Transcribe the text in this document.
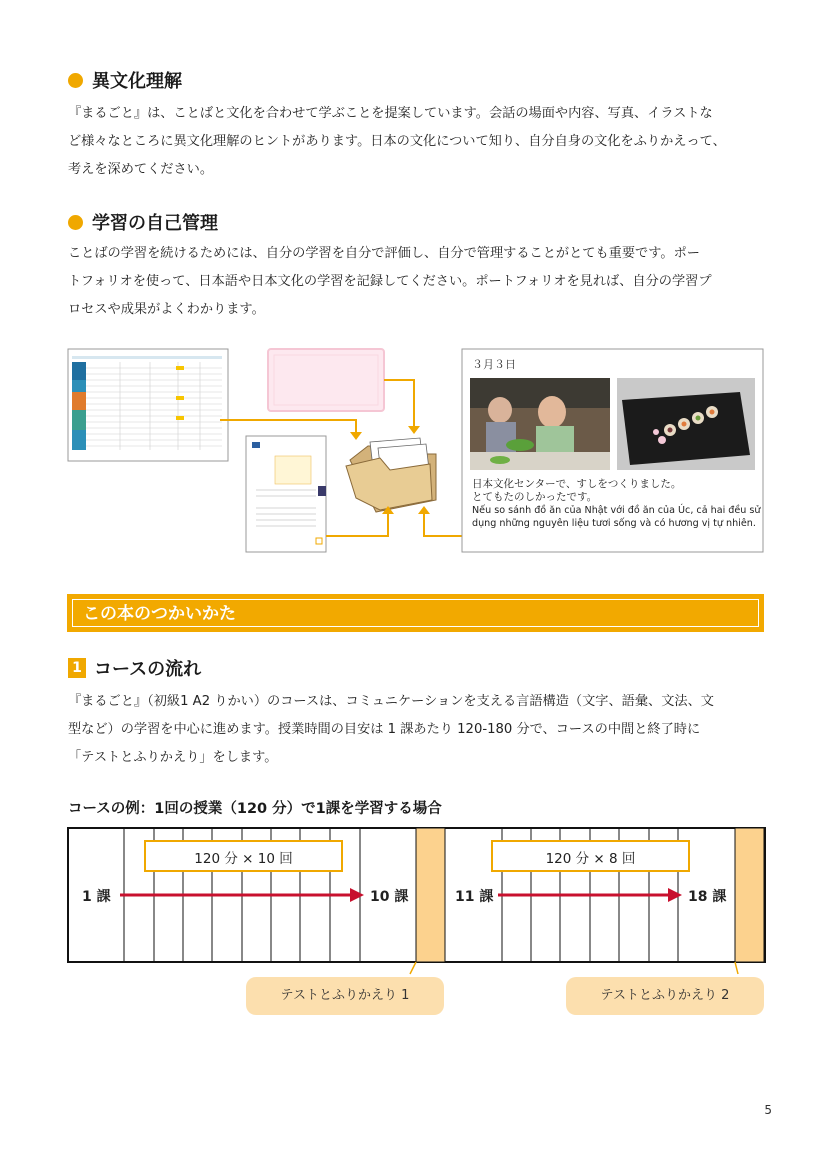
異文化理解

『まるごと』は、ことばと文化を合わせて学ぶことを提案しています。会話の場面や内容、写真、イラストな

ど様々なところに異文化理解のヒントがあります。日本の文化について知り、自分自身の文化をふりかえって、

考えを深めてください。

学習の自己管理

ことばの学習を続けるためには、自分の学習を自分で評価し、自分で管理することがとても重要です。ポー

トフォリオを使って、日本語や日本文化の学習を記録してください。ポートフォリオを見れば、自分の学習プ

ロセスや成果がよくわかります。

３月３日
日本文化センターで、すしをつくりました。
とてもたのしかったです。
Nếu so sánh đồ ăn của Nhật với đồ ăn của Úc, cả hai đều sử
dụng những nguyên liệu tươi sống và có hương vị tự nhiên.
この本のつかいかた
1 コースの流れ

『まるごと』（初級1 A2 りかい）のコースは、コミュニケーションを支える言語構造（文字、語彙、文法、文

型など）の学習を中心に進めます。授業時間の目安は 1 課あたり 120-180 分で、コースの中間と終了時に

「テストとふりかえり」をします。

コースの例：1回の授業（120 分）で1課を学習する場合
120 分 × 10 回	120 分 × 8 回
1 課	10 課	11 課	18 課
テストとふりかえり 1	テストとふりかえり 2
5
